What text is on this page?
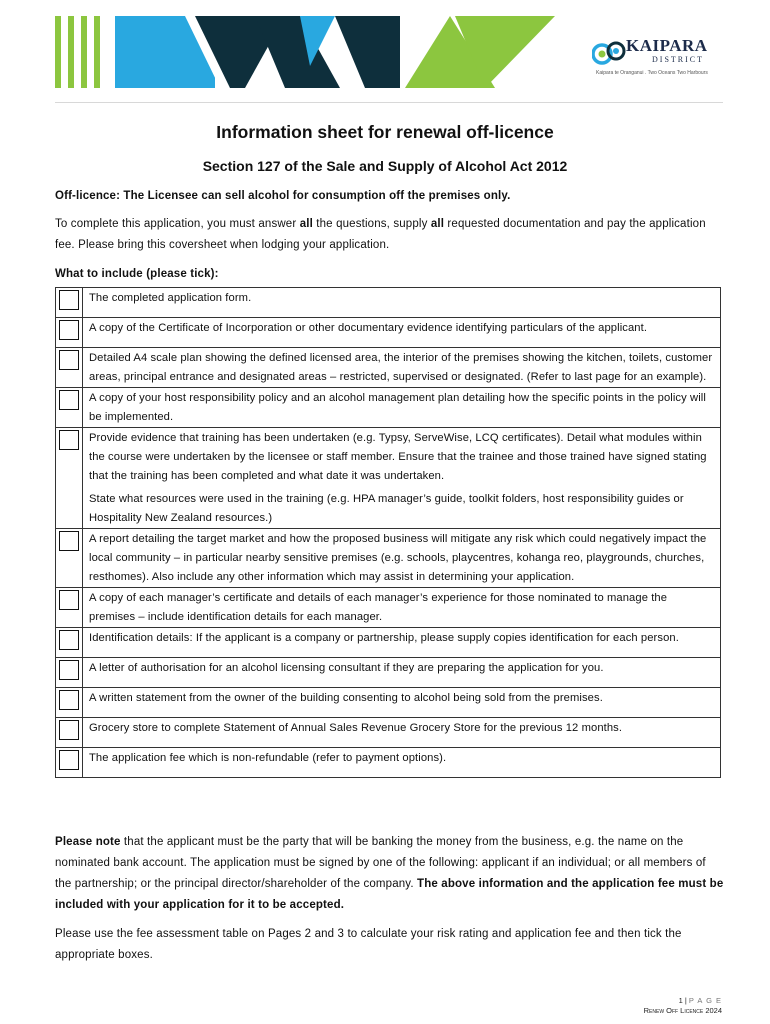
KAIPARA
DISTRICT
Kaipara te Oranganui . Two Oceans Two Harbours
Information sheet for renewal off-licence
Section 127 of the Sale and Supply of Alcohol Act 2012
Off-licence: The Licensee can sell alcohol for consumption off the premises only.
To complete this application, you must answer all the questions, supply all requested documentation and pay the application fee. Please bring this coversheet when lodging your application.
What to include (please tick):

	The completed application form.

	A copy of the Certificate of Incorporation or other documentary evidence identifying particulars of the applicant.

	Detailed A4 scale plan showing the defined licensed area, the interior of the premises showing the kitchen, toilets, customer areas, principal entrance and designated areas – restricted, supervised or designated. (Refer to last page for an example).

	A copy of your host responsibility policy and an alcohol management plan detailing how the specific points in the policy will be implemented.

	Provide evidence that training has been undertaken (e.g. Typsy, ServeWise, LCQ certificates). Detail what modules within the course were undertaken by the licensee or staff member. Ensure that the trainee and those trained have signed stating that the training has been completed and what date it was undertaken.
State what resources were used in the training (e.g. HPA manager’s guide, toolkit folders, host responsibility guides or Hospitality New Zealand resources.)

	A report detailing the target market and how the proposed business will mitigate any risk which could negatively impact the local community – in particular nearby sensitive premises (e.g. schools, playcentres, kohanga reo, playgrounds, churches, resthomes). Also include any other information which may assist in determining your application.

	A copy of each manager’s certificate and details of each manager’s experience for those nominated to manage the premises – include identification details for each manager.

	Identification details: If the applicant is a company or partnership, please supply copies identification for each person.

	A letter of authorisation for an alcohol licensing consultant if they are preparing the application for you.

	A written statement from the owner of the building consenting to alcohol being sold from the premises.

	Grocery store to complete Statement of Annual Sales Revenue Grocery Store for the previous 12 months.

	The application fee which is non-refundable (refer to payment options).
Please note that the applicant must be the party that will be banking the money from the business, e.g. the name on the nominated bank account. The application must be signed by one of the following: applicant if an individual; or all members of the partnership; or the principal director/shareholder of the company. The above information and the application fee must be included with your application for it to be accepted.
Please use the fee assessment table on Pages 2 and 3 to calculate your risk rating and application fee and then tick the appropriate boxes.
1 | P A G E
Renew Off Licence 2024
